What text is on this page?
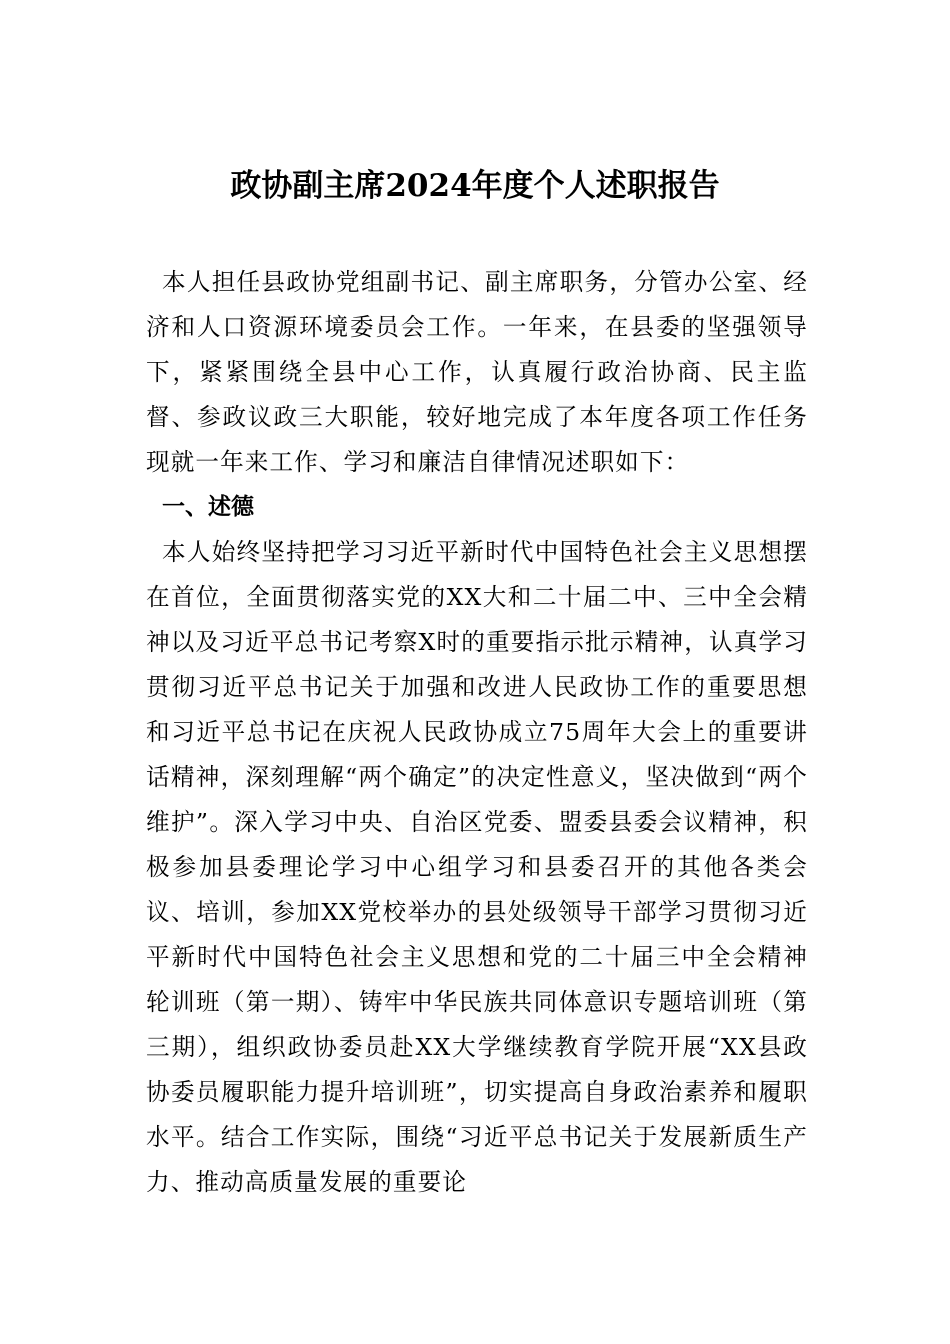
政协副主席2024年度个人述职报告

本人担任县政协党组副书记、副主席职务，分管办公室、经济和人口资源环境委员会工作。一年来，在县委的坚强领导下，紧紧围绕全县中心工作，认真履行政治协商、民主监督、参政议政三大职能，较好地完成了本年度各项工作任务现就一年来工作、学习和廉洁自律情况述职如下：

一、述德

本人始终坚持把学习习近平新时代中国特色社会主义思想摆在首位，全面贯彻落实党的XX大和二十届二中、三中全会精神以及习近平总书记考察X时的重要指示批示精神，认真学习贯彻习近平总书记关于加强和改进人民政协工作的重要思想和习近平总书记在庆祝人民政协成立75周年大会上的重要讲话精神，深刻理解“两个确定”的决定性意义，坚决做到“两个维护”。深入学习中央、自治区党委、盟委县委会议精神，积极参加县委理论学习中心组学习和县委召开的其他各类会议、培训，参加XX党校举办的县处级领导干部学习贯彻习近平新时代中国特色社会主义思想和党的二十届三中全会精神轮训班（第一期）、铸牢中华民族共同体意识专题培训班（第三期），组织政协委员赴XX大学继续教育学院开展“XX县政协委员履职能力提升培训班”，切实提高自身政治素养和履职水平。结合工作实际，围绕“习近平总书记关于发展新质生产力、推动高质量发展的重要论
